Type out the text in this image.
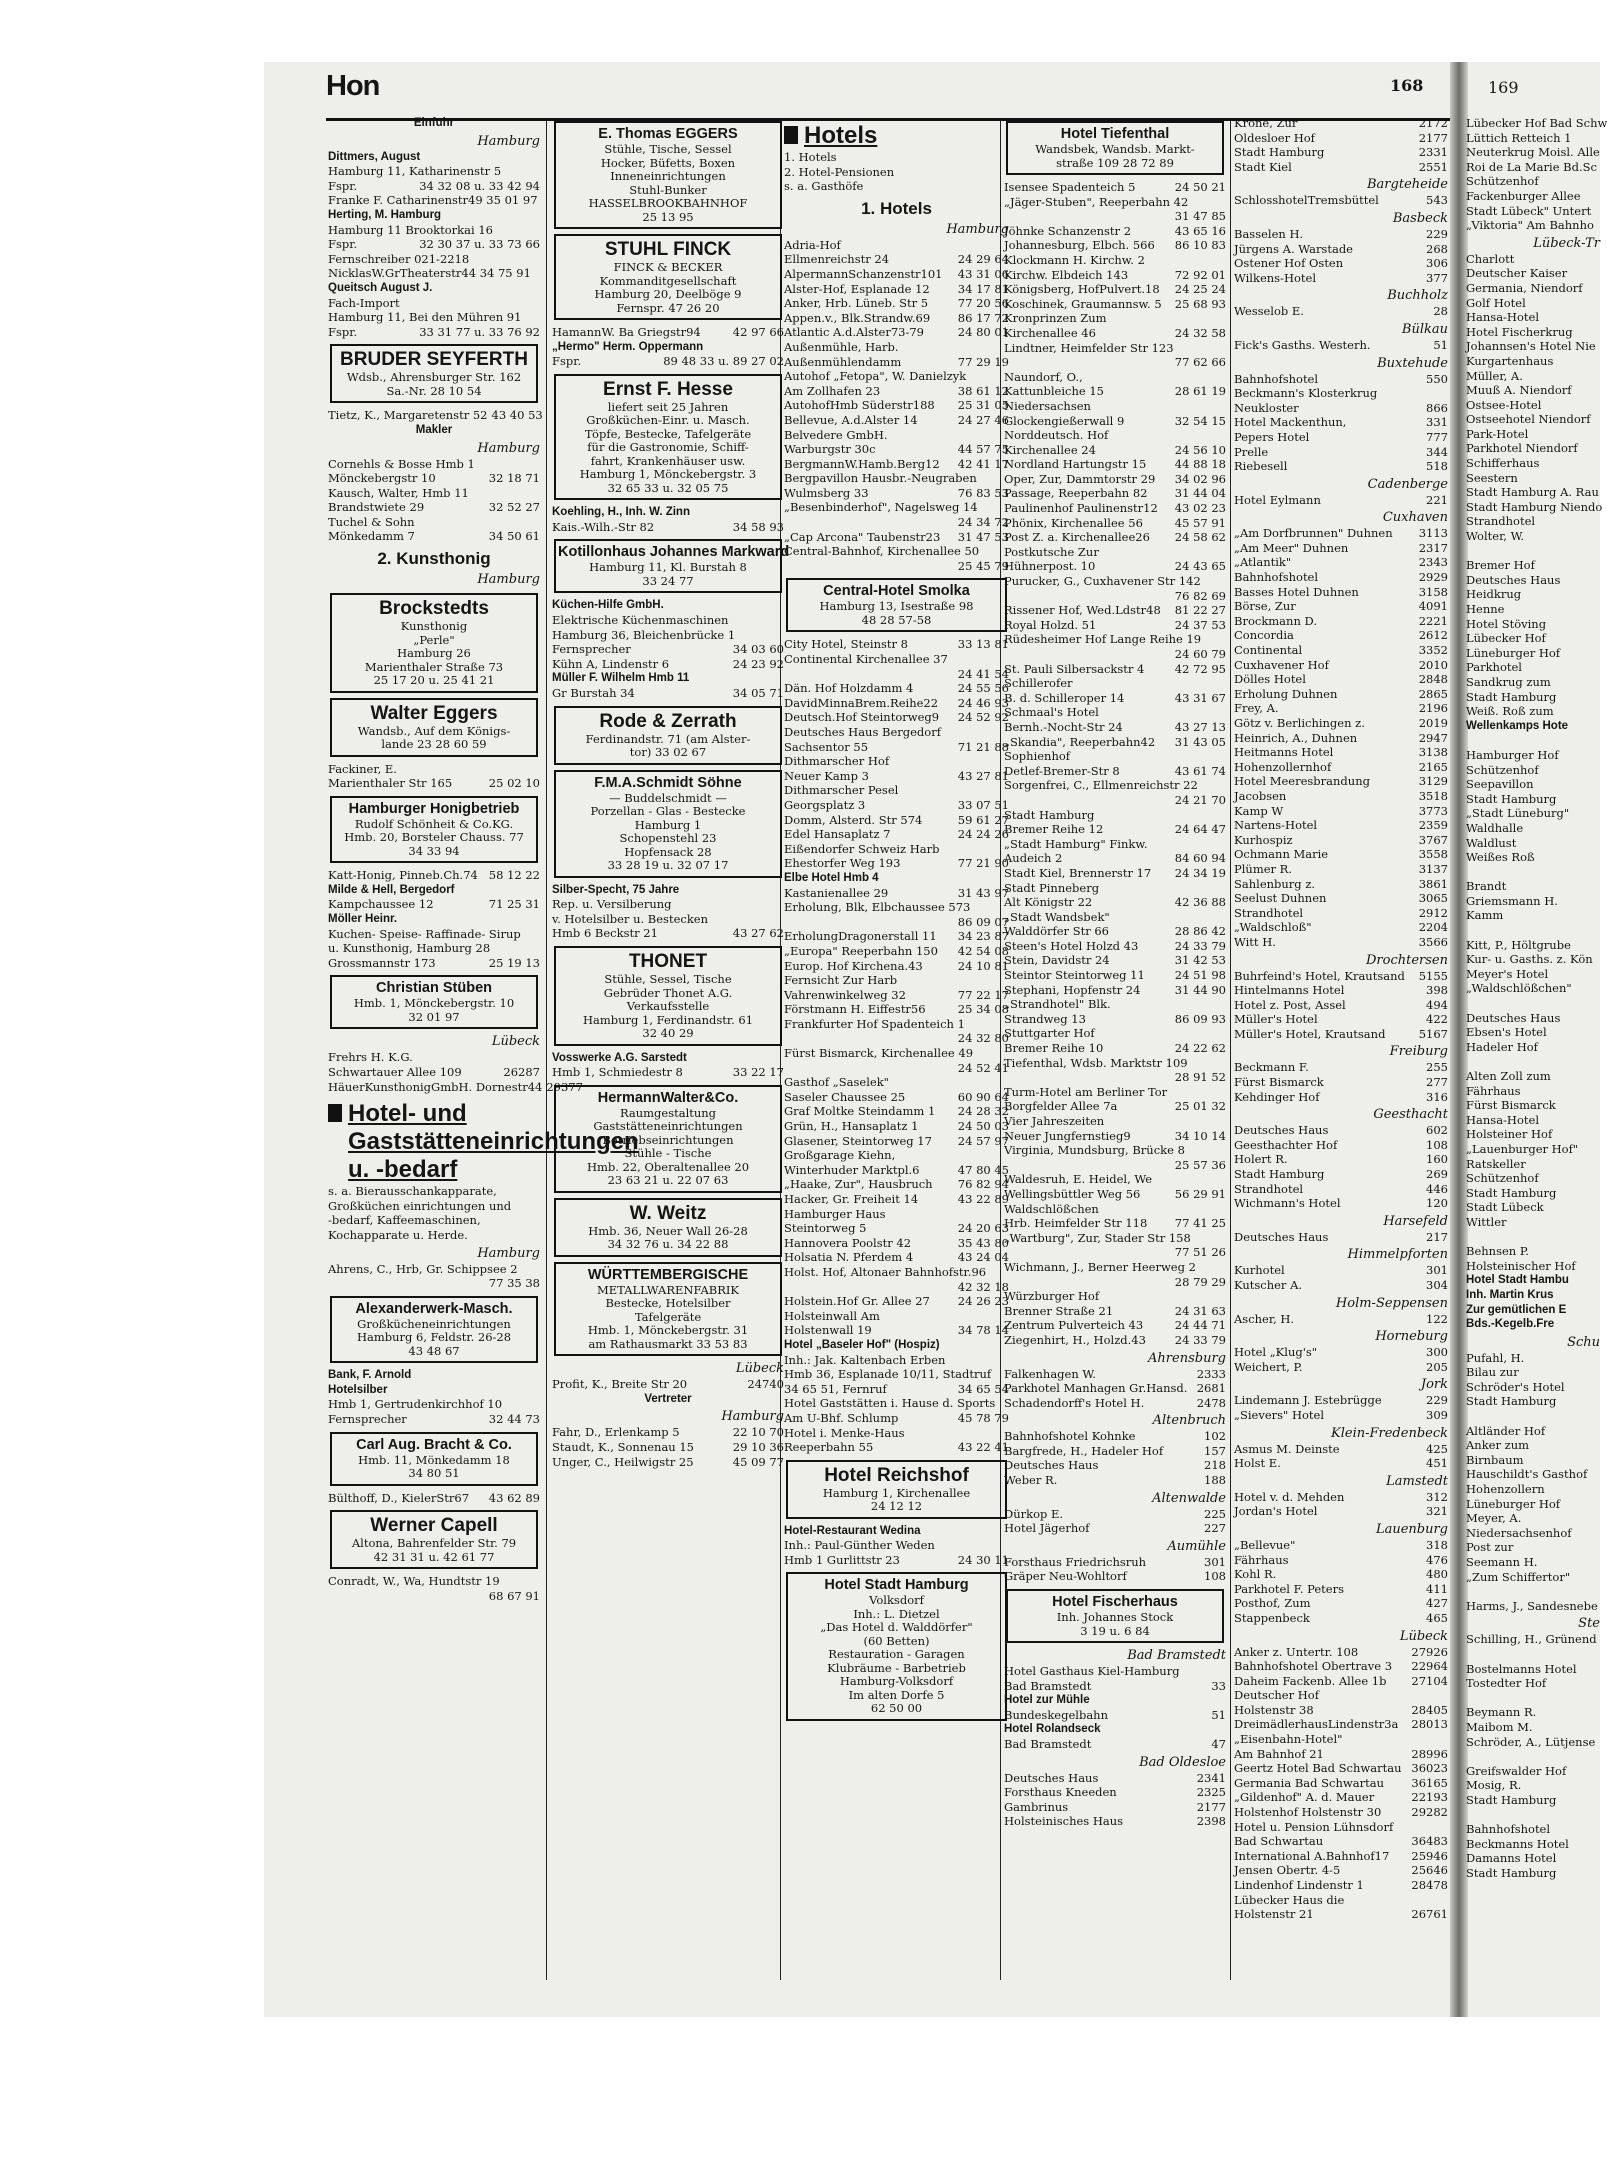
Hon	168	169
Einfuhr
Hamburg
Dittmers, August
Hamburg 11, Katharinenstr 5
Fspr.	34 32 08 u. 33 42 94
Franke F. Catharinenstr49 35 01 97
Herting, M. Hamburg
Hamburg 11 Brooktorkai 16
Fspr.	32 30 37 u. 33 73 66
Fernschreiber 021-2218
NicklasW.GrTheaterstr44 34 75 91
Queitsch August J.
Fach-Import
Hamburg 11, Bei den Mühren 91
Fspr.	33 31 77 u. 33 76 92
BRUDER SEYFERTH
Wdsb., Ahrensburger Str. 162
Sa.-Nr. 28 10 54
Tietz, K., Margaretenstr 52 43 40 53
Makler
Hamburg
Cornehls & Bosse Hmb 1
Mönckebergstr 10	32 18 71
Kausch, Walter, Hmb 11
Brandstwiete 29	32 52 27
Tuchel & Sohn
Mönkedamm 7	34 50 61
2. Kunsthonig
Hamburg
Brockstedts
Kunsthonig
„Perle"
Hamburg 26
Marienthaler Straße 73
25 17 20 u. 25 41 21
Walter Eggers
Wandsb., Auf dem Königs-
lande 23 28 60 59
Fackiner, E.
Marienthaler Str 165	25 02 10
Hamburger Honigbetrieb
Rudolf Schönheit & Co.KG.
Hmb. 20, Borsteler Chauss. 77
34 33 94
Katt-Honig, Pinneb.Ch.74 58 12 22
Milde & Hell, Bergedorf
Kampchaussee 12	71 25 31
Möller Heinr.
Kuchen- Speise- Raffinade- Sirup
u. Kunsthonig, Hamburg 28
Grossmannstr 173	25 19 13
Christian Stüben
Hmb. 1, Mönckebergstr. 10
32 01 97
Lübeck
Frehrs H. K.G.
Schwartauer Allee 109	26287
HäuerKunsthonigGmbH. Dornestr44 29377
Hotel- und Gaststätteneinrichtungen u. -bedarf
s. a. Bierausschankapparate,
Großküchen einrichtungen und
-bedarf, Kaffeemaschinen,
Kochapparate u. Herde.
Hamburg
Ahrens, C., Hrb, Gr. Schippsee 2
77 35 38
Alexanderwerk-Masch.
Großkücheneinrichtungen
Hamburg 6, Feldstr. 26-28
43 48 67
Bank, F. Arnold
Hotelsilber
Hmb 1, Gertrudenkirchhof 10
Fernsprecher	32 44 73
Carl Aug. Bracht & Co.
Hmb. 11, Mönkedamm 18
34 80 51
Bülthoff, D., KielerStr67	43 62 89
Werner Capell
Altona, Bahrenfelder Str. 79
42 31 31 u. 42 61 77
Conradt, W., Wa, Hundtstr 19
68 67 91
E. Thomas EGGERS
Stühle, Tische, Sessel
Hocker, Büfetts, Boxen
Inneneinrichtungen
Stuhl-Bunker
HASSELBROOKBAHNHOF
25 13 95
STUHL FINCK
FINCK & BECKER
Kommanditgesellschaft
Hamburg 20, Deelböge 9
Fernspr. 47 26 20
HamannW. Ba Griegstr94	42 97 66
„Hermo" Herm. Oppermann
Fspr.	89 48 33 u. 89 27 02
Ernst F. Hesse
liefert seit 25 Jahren
Großküchen-Einr. u. Masch.
Töpfe, Bestecke, Tafelgeräte
für die Gastronomie, Schiff-
fahrt, Krankenhäuser usw.
Hamburg 1, Mönckebergstr. 3
32 65 33 u. 32 05 75
Koehling, H., Inh. W. Zinn
Kais.-Wilh.-Str 82	34 58 93
Kotillonhaus Johannes Markward
Hamburg 11, Kl. Burstah 8
33 24 77
Küchen-Hilfe GmbH.
Elektrische Küchenmaschinen
Hamburg 36, Bleichenbrücke 1
Fernsprecher	34 03 60
Kühn A, Lindenstr 6	24 23 92
Müller F. Wilhelm Hmb 11
Gr Burstah 34	34 05 71
Rode & Zerrath
Ferdinandstr. 71 (am Alster-
tor) 33 02 67
F.M.A.Schmidt Söhne
— Buddelschmidt —
Porzellan - Glas - Bestecke
Hamburg 1
Schopenstehl 23
Hopfensack 28
33 28 19 u. 32 07 17
Silber-Specht, 75 Jahre
Rep. u. Versilberung
v. Hotelsilber u. Bestecken
Hmb 6 Beckstr 21	43 27 62
THONET
Stühle, Sessel, Tische
Gebrüder Thonet A.G.
Verkaufsstelle
Hamburg 1, Ferdinandstr. 61
32 40 29
Vosswerke A.G. Sarstedt
Hmb 1, Schmiedestr 8	33 22 17
HermannWalter&Co.
Raumgestaltung
Gaststätteneinrichtungen
Betriebseinrichtungen
Stühle - Tische
Hmb. 22, Oberaltenallee 20
23 63 21 u. 22 07 63
W. Weitz
Hmb. 36, Neuer Wall 26-28
34 32 76 u. 34 22 88
WÜRTTEMBERGISCHE
METALLWARENFABRIK
Bestecke, Hotelsilber
Tafelgeräte
Hmb. 1, Mönckebergstr. 31
am Rathausmarkt 33 53 83
Lübeck
Profit, K., Breite Str 20	24740
Vertreter
Hamburg
Fahr, D., Erlenkamp 5	22 10 70
Staudt, K., Sonnenau 15	29 10 36
Unger, C., Heilwigstr 25	45 09 77
Hotels
1. Hotels
2. Hotel-Pensionen
s. a. Gasthöfe
1. Hotels
Hamburg
Adria-Hof
Ellmenreichstr 24	24 29 64
AlpermannSchanzenstr101	43 31 06
Alster-Hof, Esplanade 12	34 17 81
Anker, Hrb. Lüneb. Str 5	77 20 56
Appen.v., Blk.Strandw.69	86 17 72
Atlantic A.d.Alster73-79	24 80 01
Außenmühle, Harb.
Außenmühlendamm	77 29 19
Autohof „Fetopa", W. Danielzyk
Am Zollhafen 23	38 61 12
AutohofHmb Süderstr188	25 31 05
Bellevue, A.d.Alster 14	24 27 46
Belvedere GmbH.
Warburgstr 30c	44 57 75
BergmannW.Hamb.Berg12	42 41 17
Bergpavillon Hausbr.-Neugraben
Wulmsberg 33	76 83 53
„Besenbinderhof", Nagelsweg 14
24 34 72
„Cap Arcona" Taubenstr23	31 47 53
Central-Bahnhof, Kirchenallee 50
25 45 79
Central-Hotel Smolka
Hamburg 13, Isestraße 98
48 28 57-58
City Hotel, Steinstr 8	33 13 81
Continental Kirchenallee 37
24 41 54
Dän. Hof Holzdamm 4	24 55 56
DavidMinnaBrem.Reihe22	24 46 93
Deutsch.Hof Steintorweg9	24 52 92
Deutsches Haus Bergedorf
Sachsentor 55	71 21 88
Dithmarscher Hof
Neuer Kamp 3	43 27 81
Dithmarscher Pesel
Georgsplatz 3	33 07 51
Domm, Alsterd. Str 574	59 61 27
Edel Hansaplatz 7	24 24 26
Eißendorfer Schweiz Harb
Ehestorfer Weg 193	77 21 90
Elbe Hotel Hmb 4
Kastanienallee 29	31 43 97
Erholung, Blk, Elbchaussee 573
86 09 07
ErholungDragonerstall 11	34 23 87
„Europa" Reeperbahn 150	42 54 08
Europ. Hof Kirchena.43	24 10 81
Fernsicht Zur Harb
Vahrenwinkelweg 32	77 22 17
Förstmann H. Eiffestr56	25 34 08
Frankfurter Hof Spadenteich 1
24 32 80
Fürst Bismarck, Kirchenallee 49
24 52 41
Gasthof „Saselek"
Saseler Chaussee 25	60 90 64
Graf Moltke Steindamm 1	24 28 32
Grün, H., Hansaplatz 1	24 50 03
Glasener, Steintorweg 17	24 57 97
Großgarage Kiehn,
Winterhuder Marktpl.6	47 80 45
„Haake, Zur", Hausbruch	76 82 94
Hacker, Gr. Freiheit 14	43 22 89
Hamburger Haus
Steintorweg 5	24 20 63
Hannovera Poolstr 42	35 43 80
Holsatia N. Pferdem 4	43 24 04
Holst. Hof, Altonaer Bahnhofstr.96
42 32 18
Holstein.Hof Gr. Allee 27	24 26 23
Holsteinwall Am
Holstenwall 19	34 78 14
Hotel „Baseler Hof" (Hospiz)
Inh.: Jak. Kaltenbach Erben
Hmb 36, Esplanade 10/11, Stadtruf
34 65 51, Fernruf	34 65 54
Hotel Gaststätten i. Hause d. Sports
Am U-Bhf. Schlump	45 78 79
Hotel i. Menke-Haus
Reeperbahn 55	43 22 41
Hotel Reichshof
Hamburg 1, Kirchenallee
24 12 12
Hotel-Restaurant Wedina
Inh.: Paul-Günther Weden
Hmb 1 Gurlittstr 23	24 30 11
Hotel Stadt Hamburg
Volksdorf
Inh.: L. Dietzel
„Das Hotel d. Walddörfer"
(60 Betten)
Restauration - Garagen
Klubräume - Barbetrieb
Hamburg-Volksdorf
Im alten Dorfe 5
62 50 00
Hotel Tiefenthal
Wandsbek, Wandsb. Markt-
straße 109 28 72 89
Isensee Spadenteich 5	24 50 21
„Jäger-Stuben", Reeperbahn 42
31 47 85
Jöhnke Schanzenstr 2	43 65 16
Johannesburg, Elbch. 566	86 10 83
Klockmann H. Kirchw. 2
Kirchw. Elbdeich 143	72 92 01
Königsberg, HofPulvert.18	24 25 24
Koschinek, Graumannsw. 5	25 68 93
Kronprinzen Zum
Kirchenallee 46	24 32 58
Lindtner, Heimfelder Str 123
77 62 66
Naundorf, O.,
Kattunbleiche 15	28 61 19
Niedersachsen
Glockengießerwall 9	32 54 15
Norddeutsch. Hof
Kirchenallee 24	24 56 10
Nordland Hartungstr 15	44 88 18
Oper, Zur, Dammtorstr 29	34 02 96
Passage, Reeperbahn 82	31 44 04
Paulinenhof Paulinenstr12	43 02 23
Phönix, Kirchenallee 56	45 57 91
Post Z. a. Kirchenallee26	24 58 62
Postkutsche Zur
Hühnerpost. 10	24 43 65
Purucker, G., Cuxhavener Str 142
76 82 69
Rissener Hof, Wed.Ldstr48	81 22 27
Royal Holzd. 51	24 37 53
Rüdesheimer Hof Lange Reihe 19
24 60 79
St. Pauli Silbersackstr 4	42 72 95
Schillerofer
B. d. Schilleroper 14	43 31 67
Schmaal's Hotel
Bernh.-Nocht-Str 24	43 27 13
„Skandia", Reeperbahn42	31 43 05
Sophienhof
Detlef-Bremer-Str 8	43 61 74
Sorgenfrei, C., Ellmenreichstr 22
24 21 70
Stadt Hamburg
Bremer Reihe 12	24 64 47
„Stadt Hamburg" Finkw.
Audeich 2	84 60 94
Stadt Kiel, Brennerstr 17	24 34 19
Stadt Pinneberg
Alt Königstr 22	42 36 88
„Stadt Wandsbek"
Walddörfer Str 66	28 86 42
Steen's Hotel Holzd 43	24 33 79
Stein, Davidstr 24	31 42 53
Steintor Steintorweg 11	24 51 98
Stephani, Hopfenstr 24	31 44 90
„Strandhotel" Blk.
Strandweg 13	86 09 93
Stuttgarter Hof
Bremer Reihe 10	24 22 62
Tiefenthal, Wdsb. Marktstr 109
28 91 52
Turm-Hotel am Berliner Tor
Borgfelder Allee 7a	25 01 32
Vier Jahreszeiten
Neuer Jungfernstieg9	34 10 14
Virginia, Mundsburg, Brücke 8
25 57 36
Waldesruh, E. Heidel, We
Wellingsbüttler Weg 56	56 29 91
Waldschlößchen
Hrb. Heimfelder Str 118	77 41 25
„Wartburg", Zur, Stader Str 158
77 51 26
Wichmann, J., Berner Heerweg 2
28 79 29
Würzburger Hof
Brenner Straße 21	24 31 63
Zentrum Pulverteich 43	24 44 71
Ziegenhirt, H., Holzd.43	24 33 79
Ahrensburg
Falkenhagen W.	2333
Parkhotel Manhagen Gr.Hansd. 2681
Schadendorff's Hotel H.	2478
Altenbruch
Bahnhofshotel Kohnke	102
Bargfrede, H., Hadeler Hof	157
Deutsches Haus	218
Weber R.	188
Altenwalde
Dürkop E.	225
Hotel Jägerhof	227
Aumühle
Forsthaus Friedrichsruh	301
Gräper Neu-Wohltorf	108
Hotel Fischerhaus
Inh. Johannes Stock
3 19 u. 6 84
Bad Bramstedt
Hotel Gasthaus Kiel-Hamburg
Bad Bramstedt	33
Hotel zur Mühle
Bundeskegelbahn	51
Hotel Rolandseck
Bad Bramstedt	47
Bad Oldesloe
Deutsches Haus	2341
Forsthaus Kneeden	2325
Gambrinus	2177
Holsteinisches Haus	2398
Krone, Zur	2172
Oldesloer Hof	2177
Stadt Hamburg	2331
Stadt Kiel	2551
Bargteheide
SchlosshotelTremsbüttel	543
Basbeck
Basselen H.	229
Jürgens A. Warstade	268
Ostener Hof Osten	306
Wilkens-Hotel	377
Buchholz
Wesselob E.	28
Bülkau
Fick's Gasths. Westerh.	51
Buxtehude
Bahnhofshotel	550
Beckmann's Klosterkrug
Neukloster	866
Hotel Mackenthun,	331
Pepers Hotel	777
Prelle	344
Riebesell	518
Cadenberge
Hotel Eylmann	221
Cuxhaven
„Am Dorfbrunnen" Duhnen	3113
„Am Meer" Duhnen	2317
„Atlantik"	2343
Bahnhofshotel	2929
Basses Hotel Duhnen	3158
Börse, Zur	4091
Brockmann D.	2221
Concordia	2612
Continental	3352
Cuxhavener Hof	2010
Dölles Hotel	2848
Erholung Duhnen	2865
Frey, A.	2196
Götz v. Berlichingen z.	2019
Heinrich, A., Duhnen	2947
Heitmanns Hotel	3138
Hohenzollernhof	2165
Hotel Meeresbrandung	3129
Jacobsen	3518
Kamp W	3773
Nartens-Hotel	2359
Kurhospiz	3767
Ochmann Marie	3558
Plümer R.	3137
Sahlenburg z.	3861
Seelust Duhnen	3065
Strandhotel	2912
„Waldschloß"	2204
Witt H.	3566
Drochtersen
Buhrfeind's Hotel, Krautsand	5155
Hintelmanns Hotel	398
Hotel z. Post, Assel	494
Müller's Hotel	422
Müller's Hotel, Krautsand	5167
Freiburg
Beckmann F.	255
Fürst Bismarck	277
Kehdinger Hof	316
Geesthacht
Deutsches Haus	602
Geesthachter Hof	108
Holert R.	160
Stadt Hamburg	269
Strandhotel	446
Wichmann's Hotel	120
Harsefeld
Deutsches Haus	217
Himmelpforten
Kurhotel	301
Kutscher A.	304
Holm-Seppensen
Ascher, H.	122
Horneburg
Hotel „Klug's"	300
Weichert, P.	205
Jork
Lindemann J. Estebrügge	229
„Sievers" Hotel	309
Klein-Fredenbeck
Asmus M. Deinste	425
Holst E.	451
Lamstedt
Hotel v. d. Mehden	312
Jordan's Hotel	321
Lauenburg
„Bellevue"	318
Fährhaus	476
Kohl R.	480
Parkhotel F. Peters	411
Posthof, Zum	427
Stappenbeck	465
Lübeck
Anker z. Untertr. 108	27926
Bahnhofshotel Obertrave 3	22964
Daheim Fackenb. Allee 1b	27104
Deutscher Hof
Holstenstr 38	28405
DreimädlerhausLindenstr3a	28013
„Eisenbahn-Hotel"
Am Bahnhof 21	28996
Geertz Hotel Bad Schwartau 36023
Germania Bad Schwartau	36165
„Gildenhof" A. d. Mauer	22193
Holstenhof Holstenstr 30	29282
Hotel u. Pension Lühnsdorf
Bad Schwartau	36483
International A.Bahnhof17	25946
Jensen Obertr. 4-5	25646
Lindenhof Lindenstr 1	28478
Lübecker Haus die
Holstenstr 21	26761
Lübecker Hof Bad Schw
Lüttich Retteich 1
Neuterkrug Moisl. Alle
Roi de La Marie Bd.Sc
Schützenhof
Fackenburger Allee
Stadt Lübeck" Untert
„Viktoria" Am Bahnho
Lübeck-Tr
Charlott
Deutscher Kaiser
Germania, Niendorf
Golf Hotel
Hansa-Hotel
Hotel Fischerkrug
Johannsen's Hotel Nie
Kurgartenhaus
Müller, A.
Muuß A. Niendorf
Ostsee-Hotel
Ostseehotel Niendorf
Park-Hotel
Parkhotel Niendorf
Schifferhaus
Seestern
Stadt Hamburg A. Rau
Stadt Hamburg Niendo
Strandhotel
Wolter, W.

Bremer Hof
Deutsches Haus
Heidkrug
Henne
Hotel Stöving
Lübecker Hof
Lüneburger Hof
Parkhotel
Sandkrug zum
Stadt Hamburg
Weiß. Roß zum
Wellenkamps Hote

Hamburger Hof
Schützenhof
Seepavillon
Stadt Hamburg
„Stadt Lüneburg"
Waldhalle
Waldlust
Weißes Roß

Brandt
Griemsmann H.
Kamm

Kitt, P., Höltgrube
Kur- u. Gasths. z. Kön
Meyer's Hotel
„Waldschlößchen"

Deutsches Haus
Ebsen's Hotel
Hadeler Hof

Alten Zoll zum
Fährhaus
Fürst Bismarck
Hansa-Hotel
Holsteiner Hof
„Lauenburger Hof"
Ratskeller
Schützenhof
Stadt Hamburg
Stadt Lübeck
Wittler

Behnsen P.
Holsteinischer Hof
Hotel Stadt Hambu
Inh. Martin Krus
Zur gemütlichen E
Bds.-Kegelb.Fre
Schu
Pufahl, H.
Bilau zur
Schröder's Hotel
Stadt Hamburg

Altländer Hof
Anker zum
Birnbaum
Hauschildt's Gasthof
Hohenzollern
Lüneburger Hof
Meyer, A.
Niedersachsenhof
Post zur
Seemann H.
„Zum Schiffertor"

Harms, J., Sandesnebe
Ste
Schilling, H., Grünend

Bostelmanns Hotel
Tostedter Hof

Beymann R.
Maibom M.
Schröder, A., Lütjense

Greifswalder Hof
Mosig, R.
Stadt Hamburg

Bahnhofshotel
Beckmanns Hotel
Damanns Hotel
Stadt Hamburg
